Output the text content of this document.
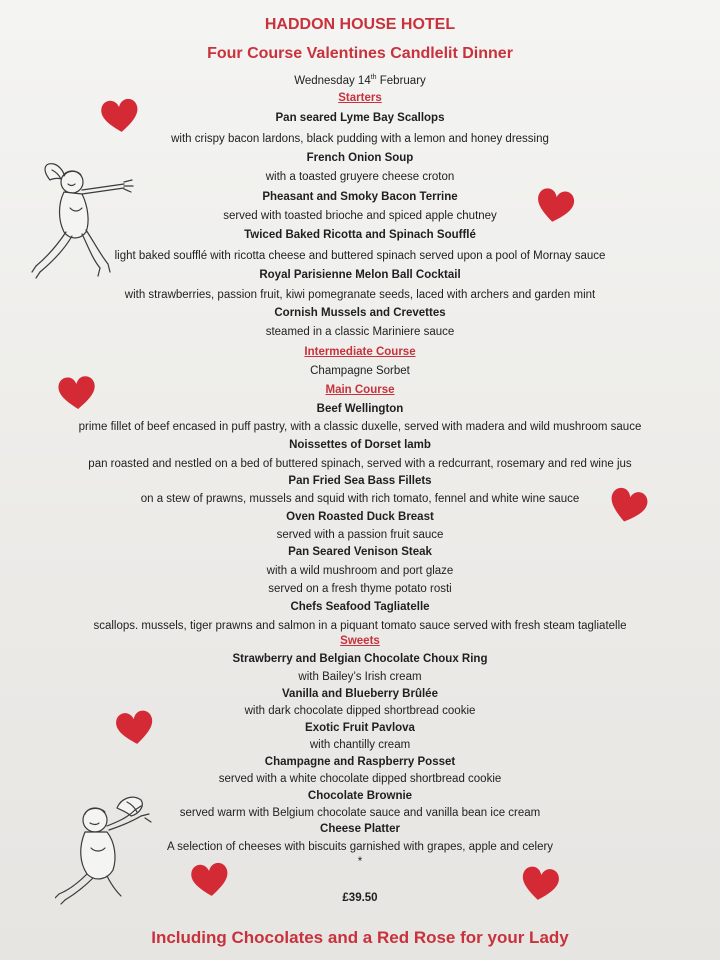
HADDON HOUSE HOTEL
Four Course Valentines Candlelit Dinner
Wednesday 14th February
Starters
Pan seared Lyme Bay Scallops
with crispy bacon lardons, black pudding with a lemon and honey dressing
French Onion Soup
with a toasted gruyere cheese croton
Pheasant and Smoky Bacon Terrine
served with toasted brioche and spiced apple chutney
Twiced Baked Ricotta and Spinach Soufflé
light baked soufflé with ricotta cheese and buttered spinach served upon a pool of Mornay sauce
Royal Parisienne Melon Ball Cocktail
with strawberries, passion fruit, kiwi pomegranate seeds, laced with archers and garden mint
Cornish Mussels and Crevettes
steamed in a classic Mariniere sauce
Intermediate Course
Champagne Sorbet
Main Course
Beef Wellington
prime fillet of beef encased in puff pastry, with a classic duxelle, served with madera and wild mushroom sauce
Noissettes of Dorset lamb
pan roasted and nestled on a bed of buttered spinach, served with a redcurrant, rosemary and red wine jus
Pan Fried Sea Bass Fillets
on a stew of prawns, mussels and squid with rich tomato, fennel and white wine sauce
Oven Roasted Duck Breast
served with a passion fruit sauce
Pan Seared Venison Steak
with a wild mushroom and port glaze
served on a fresh thyme potato rosti
Chefs Seafood Tagliatelle
scallops. mussels, tiger prawns and salmon in a piquant tomato sauce served with fresh steam tagliatelle
Sweets
Strawberry and Belgian Chocolate Choux Ring
with Bailey’s Irish cream
Vanilla and Blueberry Brûlée
with dark chocolate dipped shortbread cookie
Exotic Fruit Pavlova
with chantilly cream
Champagne and Raspberry Posset
served with a white chocolate dipped shortbread cookie
Chocolate Brownie
served warm with Belgium chocolate sauce and vanilla bean ice cream
Cheese Platter
A selection of cheeses with biscuits garnished with grapes, apple and celery
*
£39.50
Including Chocolates and a Red Rose for your Lady
